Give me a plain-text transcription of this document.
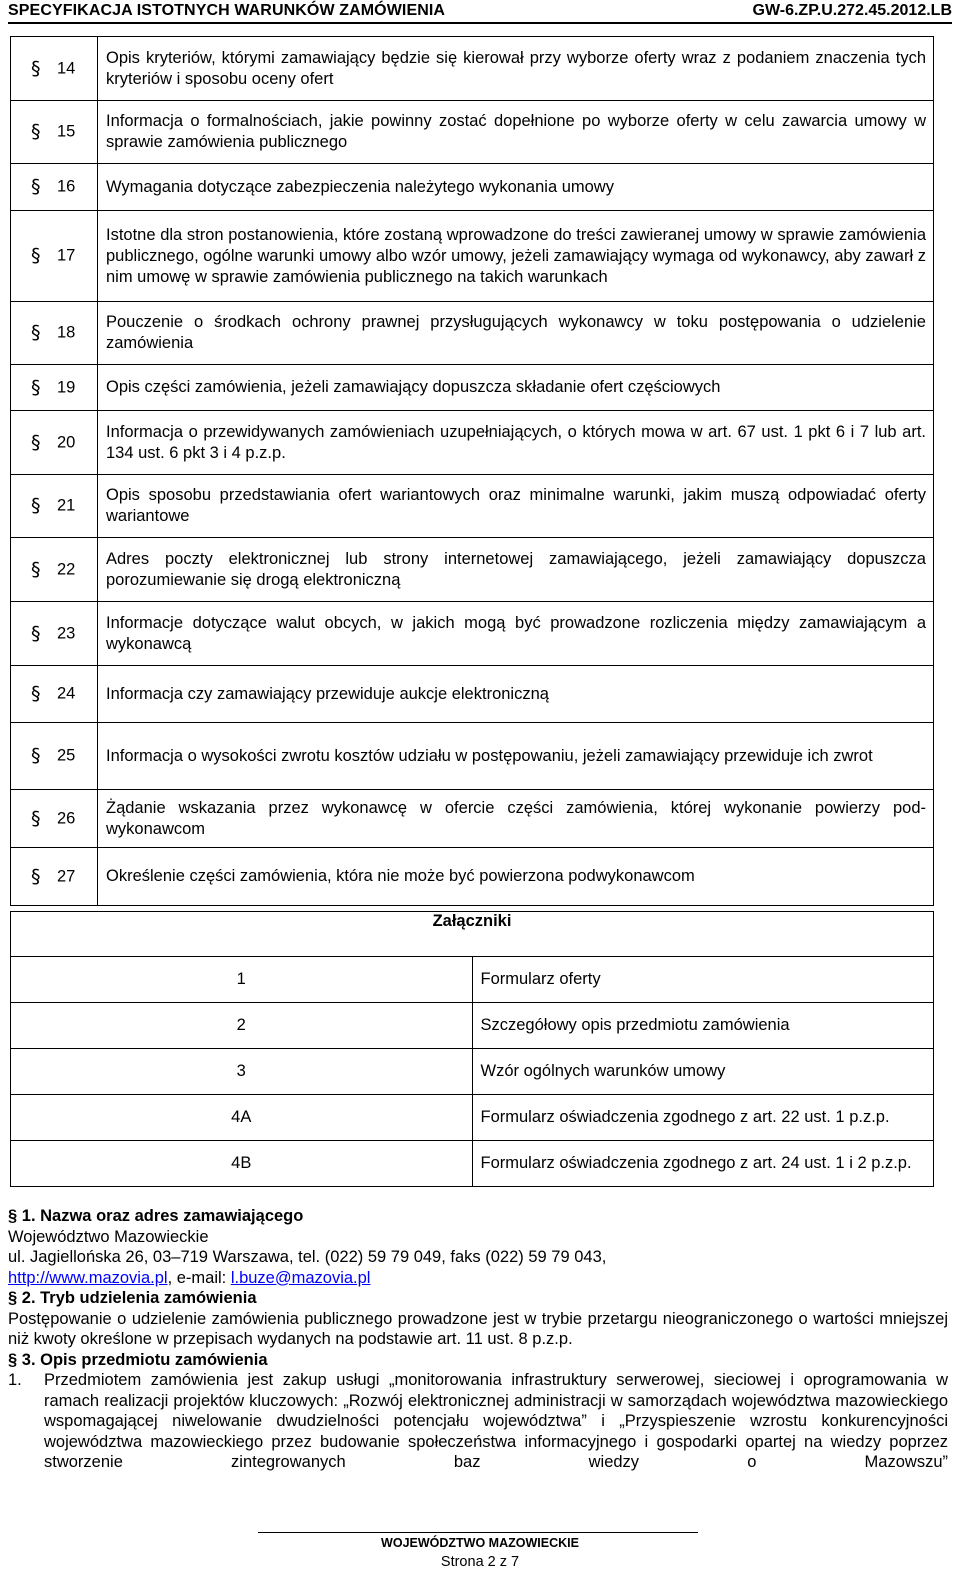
SPECYFIKACJA ISTOTNYCH WARUNKÓW ZAMÓWIENIA	GW-6.ZP.U.272.45.2012.LB
§ 14	Opis kryteriów, którymi zamawiający będzie się kierował przy wyborze oferty wraz z podaniem znaczenia tych kryteriów i sposobu oceny ofert

§ 15	Informacja o formalnościach, jakie powinny zostać dopełnione po wyborze oferty w celu zawarcia umowy w sprawie zamówienia publicznego

§ 16	Wymagania dotyczące zabezpieczenia należytego wykonania umowy

§ 17	Istotne dla stron postanowienia, które zostaną wprowadzone do treści zawieranej umowy w sprawie zamówienia publicznego, ogólne warunki umowy albo wzór umowy, jeżeli zamawiający wymaga od wykonawcy, aby zawarł z nim umowę w sprawie zamówienia publicznego na takich warunkach

§ 18	Pouczenie o środkach ochrony prawnej przysługujących wykonawcy w toku postępowania o udzielenie zamówienia

§ 19	Opis części zamówienia, jeżeli zamawiający dopuszcza składanie ofert częściowych

§ 20	Informacja o przewidywanych zamówieniach uzupełniających, o których mowa w art. 67 ust. 1 pkt 6 i 7 lub art. 134 ust. 6 pkt 3 i 4 p.z.p.

§ 21	Opis sposobu przedstawiania ofert wariantowych oraz minimalne warunki, jakim muszą odpowiadać oferty wariantowe

§ 22	Adres poczty elektronicznej lub strony internetowej zamawiającego, jeżeli zamawiający dopuszcza porozumiewanie się drogą elektroniczną

§ 23	Informacje dotyczące walut obcych, w jakich mogą być prowadzone rozliczenia między zamawiającym a wykonawcą

§ 24	Informacja czy zamawiający przewiduje aukcje elektroniczną

§ 25	Informacja o wysokości zwrotu kosztów udziału w postępowaniu, jeżeli zamawiający przewiduje ich zwrot

§ 26	Żądanie wskazania przez wykonawcę w ofercie części zamówienia, której wykonanie powierzy pod-wykonawcom

§ 27	Określenie części zamówienia, która nie może być powierzona podwykonawcom
Załączniki	
1	Formularz oferty
2	Szczegółowy opis przedmiotu zamówienia
3	Wzór ogólnych warunków umowy
4A	Formularz oświadczenia zgodnego z art. 22 ust. 1 p.z.p.
4B	Formularz oświadczenia zgodnego z art. 24 ust. 1 i 2 p.z.p.
§ 1. Nazwa oraz adres zamawiającego
Województwo Mazowieckie
ul. Jagiellońska 26, 03–719 Warszawa, tel. (022) 59 79 049, faks (022) 59 79 043,
http://www.mazovia.pl, e-mail: l.buze@mazovia.pl
§ 2. Tryb udzielenia zamówienia
Postępowanie o udzielenie zamówienia publicznego prowadzone jest w trybie przetargu nieograniczonego o wartości mniejszej niż kwoty określone w przepisach wydanych na podstawie art. 11 ust. 8 p.z.p.
§ 3. Opis przedmiotu zamówienia
1. Przedmiotem zamówienia jest zakup usługi „monitorowania infrastruktury serwerowej, sieciowej i oprogramowania w ramach realizacji projektów kluczowych: „Rozwój elektronicznej administracji w samorządach województwa mazowieckiego wspomagającej niwelowanie dwudzielności potencjału województwa” i „Przyspieszenie wzrostu konkurencyjności województwa mazowieckiego przez budowanie społeczeństwa informacyjnego i gospodarki opartej na wiedzy poprzez stworzenie zintegrowanych baz wiedzy o Mazowszu”
WOJEWÓDZTWO MAZOWIECKIE
Strona 2 z 7
